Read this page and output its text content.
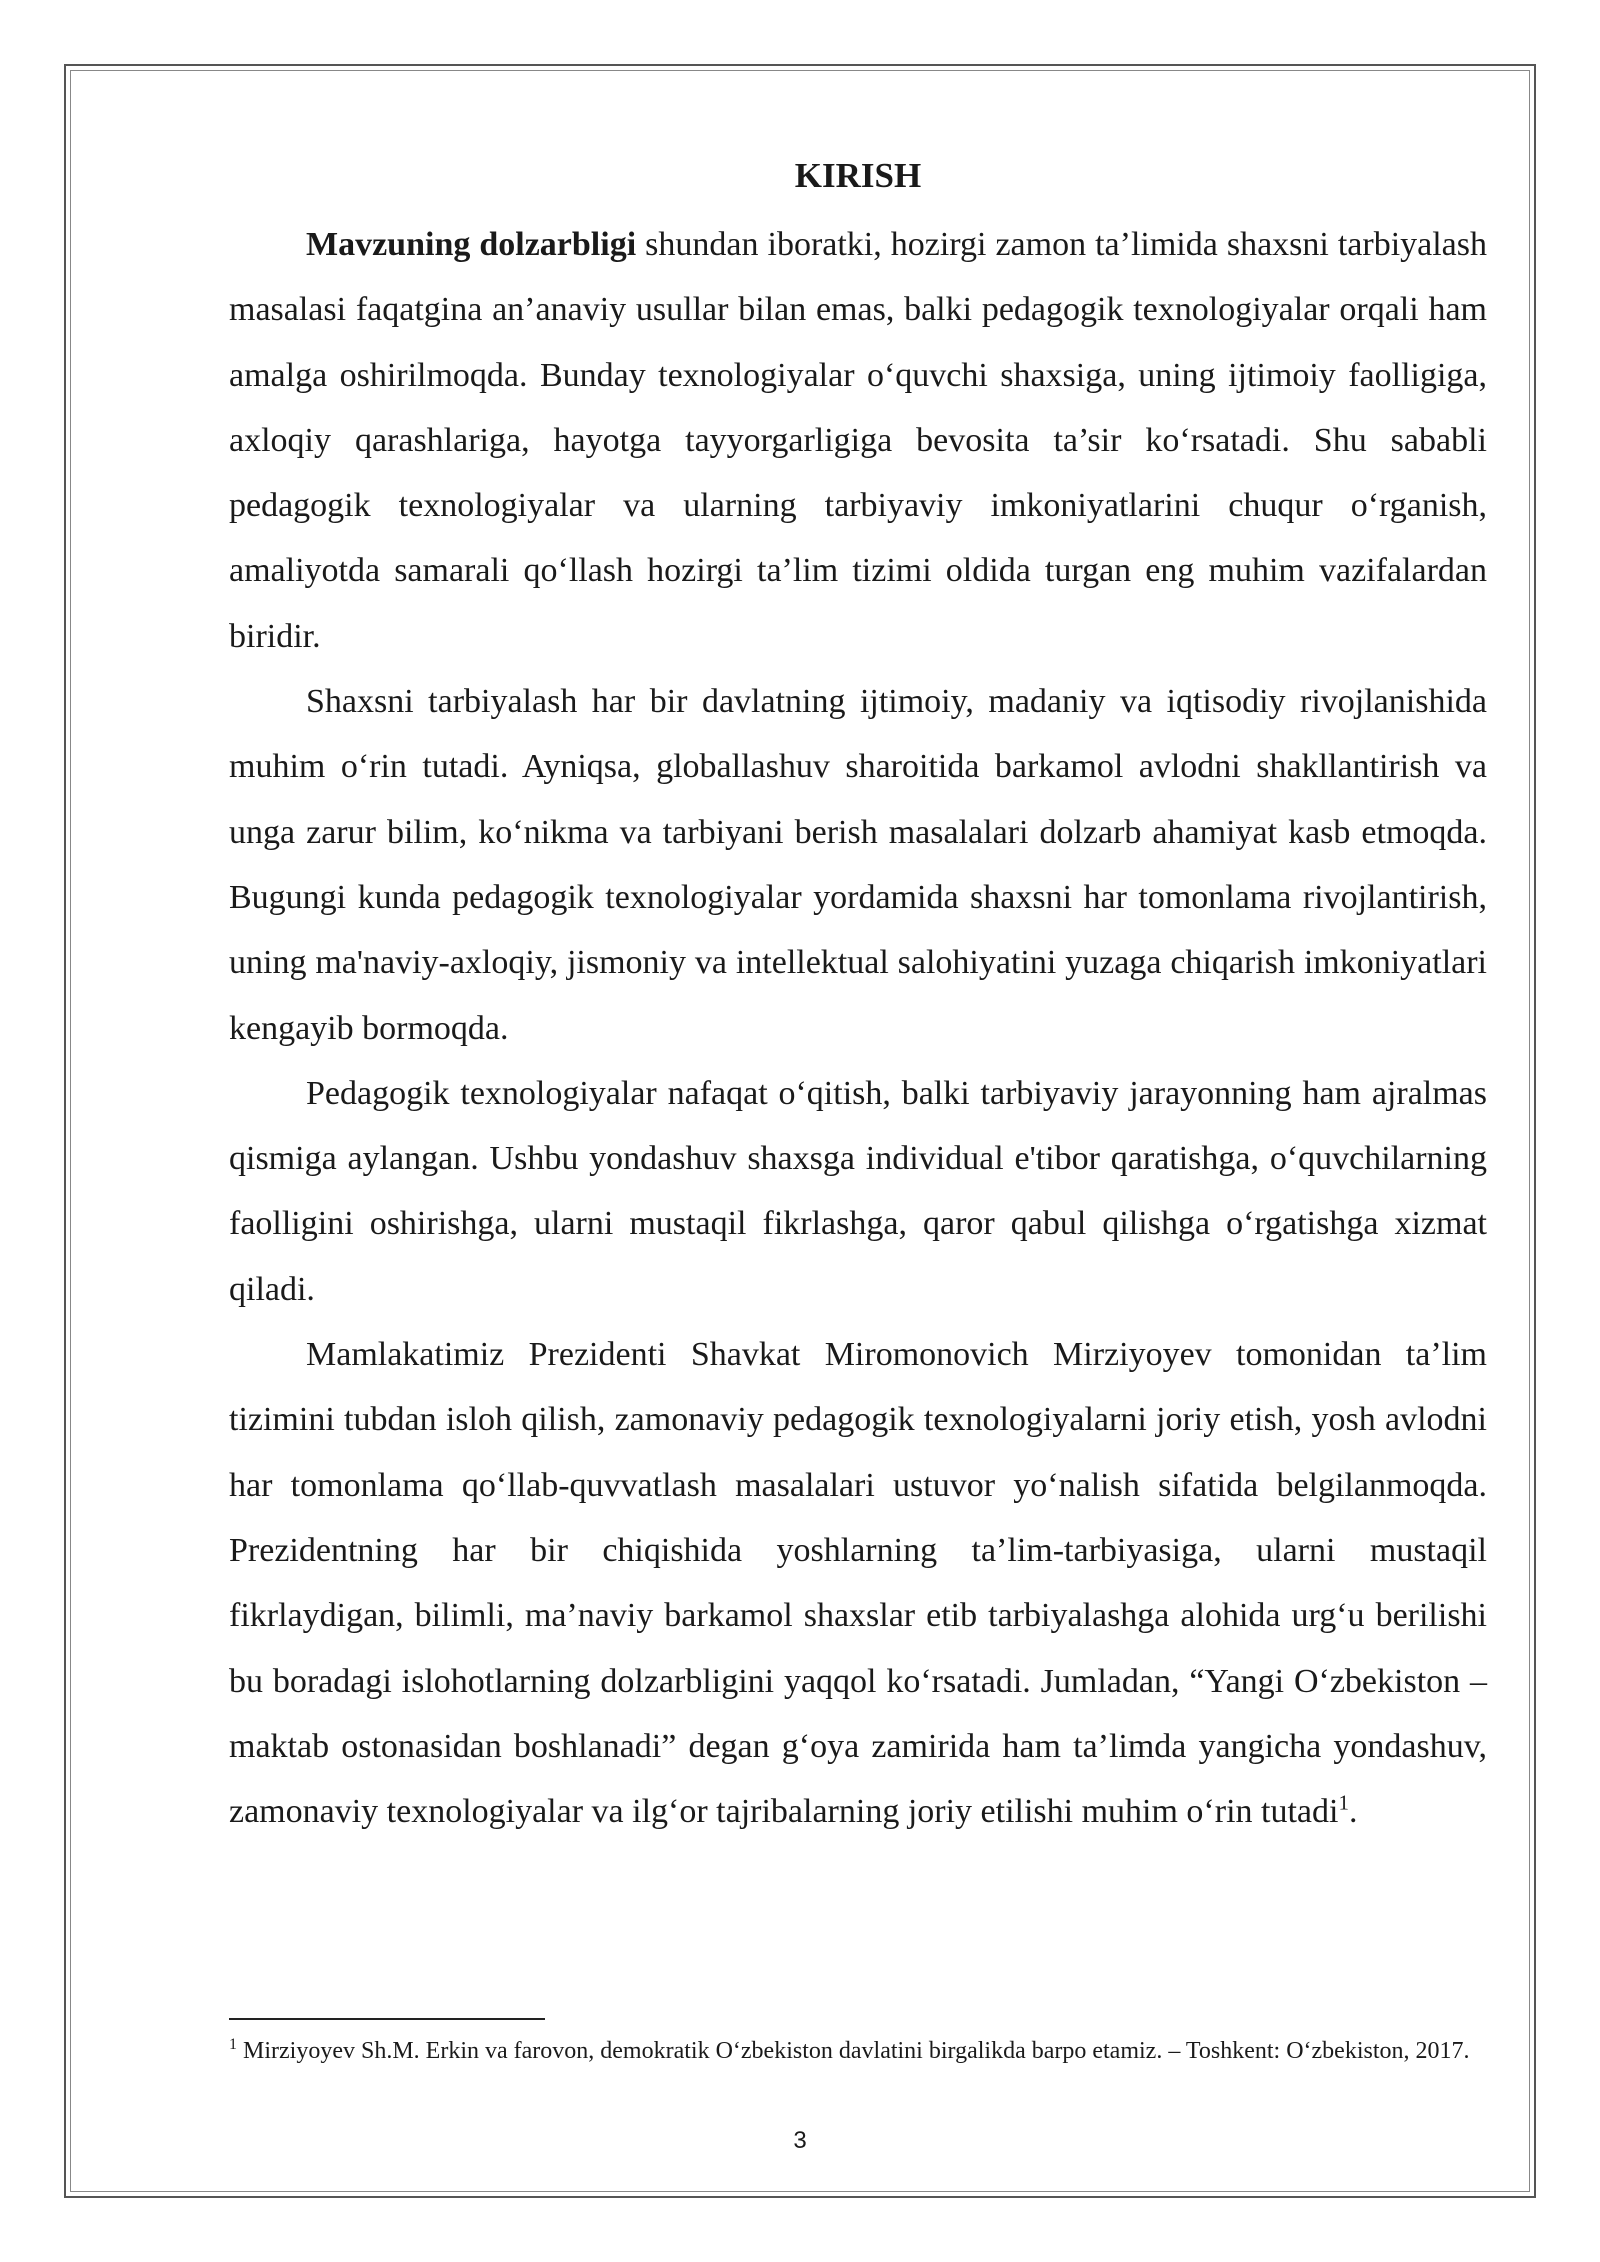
KIRISH

Mavzuning dolzarbligi shundan iboratki, hozirgi zamon ta’limida shaxsni tarbiyalash masalasi faqatgina an’anaviy usullar bilan emas, balki pedagogik texnologiyalar orqali ham amalga oshirilmoqda. Bunday texnologiyalar o‘quvchi shaxsiga, uning ijtimoiy faolligiga, axloqiy qarashlariga, hayotga tayyorgarligiga bevosita ta’sir ko‘rsatadi. Shu sababli pedagogik texnologiyalar va ularning tarbiyaviy imkoniyatlarini chuqur o‘rganish, amaliyotda samarali qo‘llash hozirgi ta’lim tizimi oldida turgan eng muhim vazifalardan biridir.

Shaxsni tarbiyalash har bir davlatning ijtimoiy, madaniy va iqtisodiy rivojlanishida muhim o‘rin tutadi. Ayniqsa, globallashuv sharoitida barkamol avlodni shakllantirish va unga zarur bilim, ko‘nikma va tarbiyani berish masalalari dolzarb ahamiyat kasb etmoqda. Bugungi kunda pedagogik texnologiyalar yordamida shaxsni har tomonlama rivojlantirish, uning ma'naviy-axloqiy, jismoniy va intellektual salohiyatini yuzaga chiqarish imkoniyatlari kengayib bormoqda.

Pedagogik texnologiyalar nafaqat o‘qitish, balki tarbiyaviy jarayonning ham ajralmas qismiga aylangan. Ushbu yondashuv shaxsga individual e'tibor qaratishga, o‘quvchilarning faolligini oshirishga, ularni mustaqil fikrlashga, qaror qabul qilishga o‘rgatishga xizmat qiladi.

Mamlakatimiz Prezidenti Shavkat Miromonovich Mirziyoyev tomonidan ta’lim tizimini tubdan isloh qilish, zamonaviy pedagogik texnologiyalarni joriy etish, yosh avlodni har tomonlama qo‘llab-quvvatlash masalalari ustuvor yo‘nalish sifatida belgilanmoqda. Prezidentning har bir chiqishida yoshlarning ta’lim-tarbiyasiga, ularni mustaqil fikrlaydigan, bilimli, ma’naviy barkamol shaxslar etib tarbiyalashga alohida urg‘u berilishi bu boradagi islohotlarning dolzarbligini yaqqol ko‘rsatadi. Jumladan, “Yangi O‘zbekiston – maktab ostonasidan boshlanadi” degan g‘oya zamirida ham ta’limda yangicha yondashuv, zamonaviy texnologiyalar va ilg‘or tajribalarning joriy etilishi muhim o‘rin tutadi$^1$.

$^1$ Mirziyoyev Sh.M. Erkin va farovon, demokratik O‘zbekiston davlatini birgalikda barpo etamiz. – Toshkent: O‘zbekiston, 2017.

3
